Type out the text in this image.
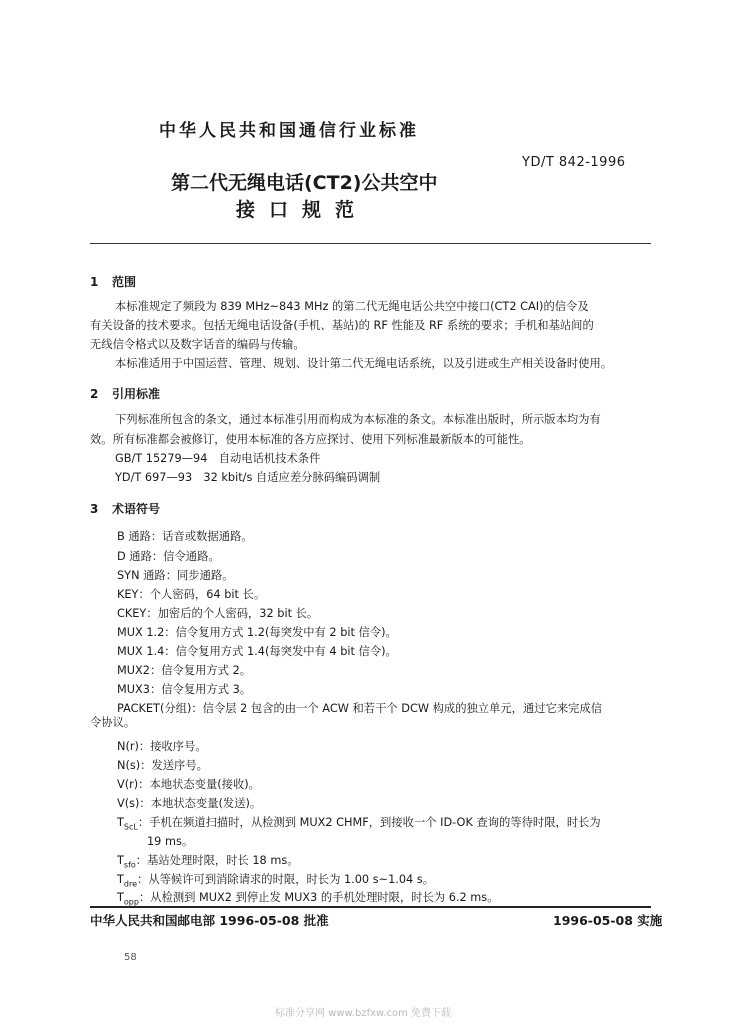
中华人民共和国通信行业标准
YD/T 842-1996
第二代无绳电话(CT2)公共空中
接口规范
1 范围
本标准规定了频段为 839 MHz~843 MHz 的第二代无绳电话公共空中接口(CT2 CAI)的信令及
有关设备的技术要求。包括无绳电话设备(手机、基站)的 RF 性能及 RF 系统的要求；手机和基站间的
无线信令格式以及数字话音的编码与传输。
本标准适用于中国运营、管理、规划、设计第二代无绳电话系统，以及引进或生产相关设备时使用。
2 引用标准
下列标准所包含的条文，通过本标准引用而构成为本标准的条文。本标准出版时，所示版本均为有
效。所有标准都会被修订，使用本标准的各方应探讨、使用下列标准最新版本的可能性。
GB/T 15279—94　自动电话机技术条件
YD/T 697—93　32 kbit/s 自适应差分脉码编码调制
3 术语符号
B 通路：话音或数据通路。
D 通路：信令通路。
SYN 通路：同步通路。
KEY：个人密码，64 bit 长。
CKEY：加密后的个人密码，32 bit 长。
MUX 1.2：信令复用方式 1.2(每突发中有 2 bit 信令)。
MUX 1.4：信令复用方式 1.4(每突发中有 4 bit 信令)。
MUX2：信令复用方式 2。
MUX3：信令复用方式 3。
PACKET(分组)：信令层 2 包含的由一个 ACW 和若干个 DCW 构成的独立单元，通过它来完成信
令协议。
N(r)：接收序号。
N(s)：发送序号。
V(r)：本地状态变量(接收)。
V(s)：本地状态变量(发送)。
$T_{ScL}$：手机在频道扫描时，从检测到 MUX2 CHMF，到接收一个 ID-OK 查询的等待时限，时长为
19 ms。
$T_{sfo}$：基站处理时限，时长 18 ms。
$T_{dre}$：从等候许可到消除请求的时限，时长为 1.00 s~1.04 s。
$T_{opp}$：从检测到 MUX2 到停止发 MUX3 的手机处理时限，时长为 6.2 ms。
中华人民共和国邮电部 1996-05-08 批准	1996-05-08 实施
58
标准分享网 www.bzfxw.com 免费下载
